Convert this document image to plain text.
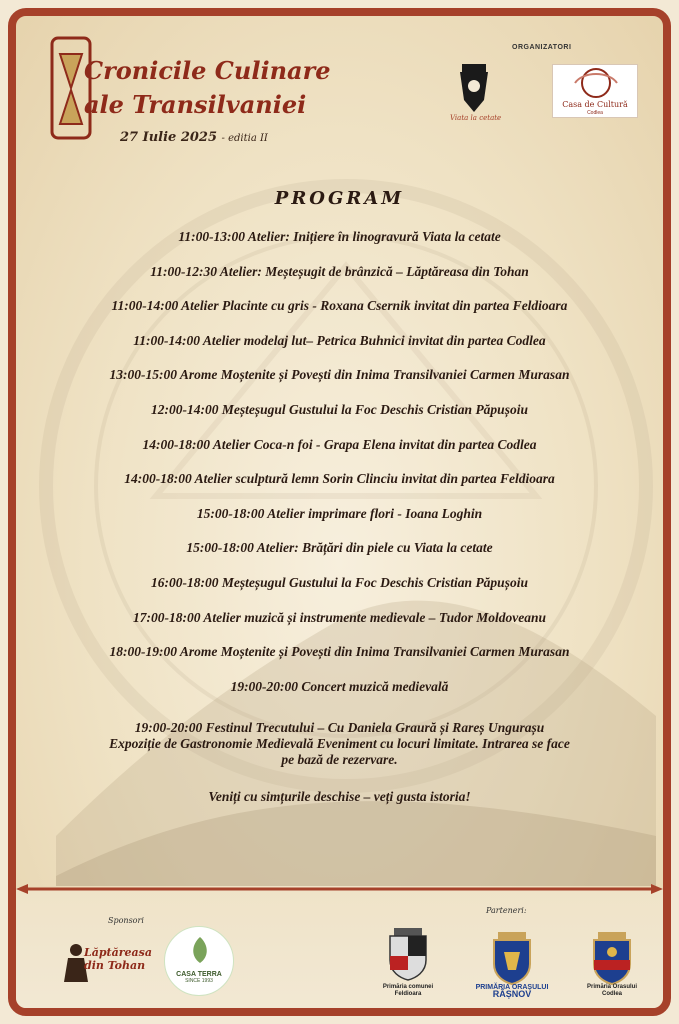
Cronicile Culinare
ale Transilvaniei
27 Iulie 2025 - editia II
ORGANIZATORI
Viata la cetate
Casa de Cultură
Codlea
PROGRAM
11:00-13:00 Atelier: Inițiere în linogravură Viata la cetate
11:00-12:30 Atelier: Meșteșugit de brânzică – Lăptăreasa din Tohan
11:00-14:00 Atelier Placinte cu gris - Roxana Csernik invitat din partea Feldioara
11:00-14:00 Atelier modelaj lut– Petrica Buhnici invitat din partea Codlea
13:00-15:00 Arome Moștenite și Povești din Inima Transilvaniei Carmen Murasan
12:00-14:00 Meșteșugul Gustului la Foc Deschis Cristian Păpușoiu
14:00-18:00 Atelier Coca-n foi - Grapa Elena invitat din partea Codlea
14:00-18:00 Atelier sculptură lemn Sorin Clinciu invitat din partea Feldioara
15:00-18:00 Atelier imprimare flori - Ioana Loghin
15:00-18:00 Atelier: Brățări din piele cu Viata la cetate
16:00-18:00 Meșteșugul Gustului la Foc Deschis Cristian Păpușoiu
17:00-18:00 Atelier muzică și instrumente medievale – Tudor Moldoveanu
18:00-19:00 Arome Moștenite și Povești din Inima Transilvaniei Carmen Murasan
19:00-20:00 Concert muzică medievală
19:00-20:00 Festinul Trecutului – Cu Daniela Graură și Rareș Ungurașu
Expoziție de Gastronomie Medievală Eveniment cu locuri limitate. Intrarea se face
pe bază de rezervare.
Veniți cu simțurile deschise – veți gusta istoria!
Sponsori
Parteneri:
Lăptăreasa
din Tohan
CASA TERRA
SINCE 1993
Primăria comunei
Feldioara
PRIMĂRIA ORAȘULUI
RÂȘNOV
Primăria Orasului
Codlea
